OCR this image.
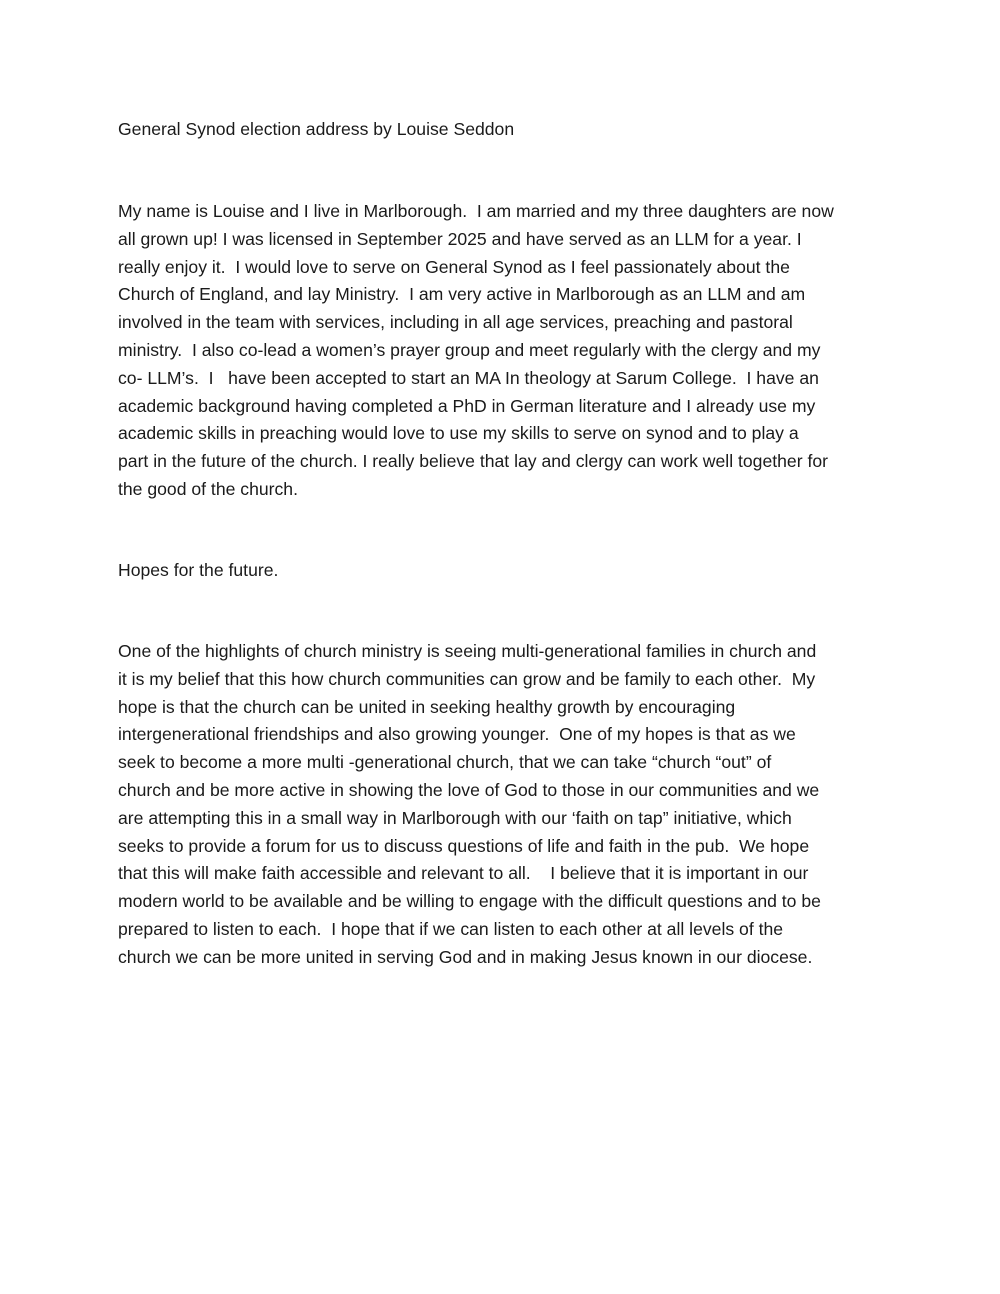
General Synod election address by Louise Seddon

My name is Louise and I live in Marlborough.  I am married and my three daughters are now
all grown up! I was licensed in September 2025 and have served as an LLM for a year. I
really enjoy it.  I would love to serve on General Synod as I feel passionately about the
Church of England, and lay Ministry.  I am very active in Marlborough as an LLM and am
involved in the team with services, including in all age services, preaching and pastoral
ministry.  I also co-lead a women’s prayer group and meet regularly with the clergy and my
co- LLM’s.  I   have been accepted to start an MA In theology at Sarum College.  I have an
academic background having completed a PhD in German literature and I already use my
academic skills in preaching would love to use my skills to serve on synod and to play a
part in the future of the church. I really believe that lay and clergy can work well together for
the good of the church.

Hopes for the future.

One of the highlights of church ministry is seeing multi-generational families in church and
it is my belief that this how church communities can grow and be family to each other.  My
hope is that the church can be united in seeking healthy growth by encouraging
intergenerational friendships and also growing younger.  One of my hopes is that as we
seek to become a more multi -generational church, that we can take “church “out” of
church and be more active in showing the love of God to those in our communities and we
are attempting this in a small way in Marlborough with our ‘faith on tap” initiative, which
seeks to provide a forum for us to discuss questions of life and faith in the pub.  We hope
that this will make faith accessible and relevant to all.    I believe that it is important in our
modern world to be available and be willing to engage with the difficult questions and to be
prepared to listen to each.  I hope that if we can listen to each other at all levels of the
church we can be more united in serving God and in making Jesus known in our diocese.
